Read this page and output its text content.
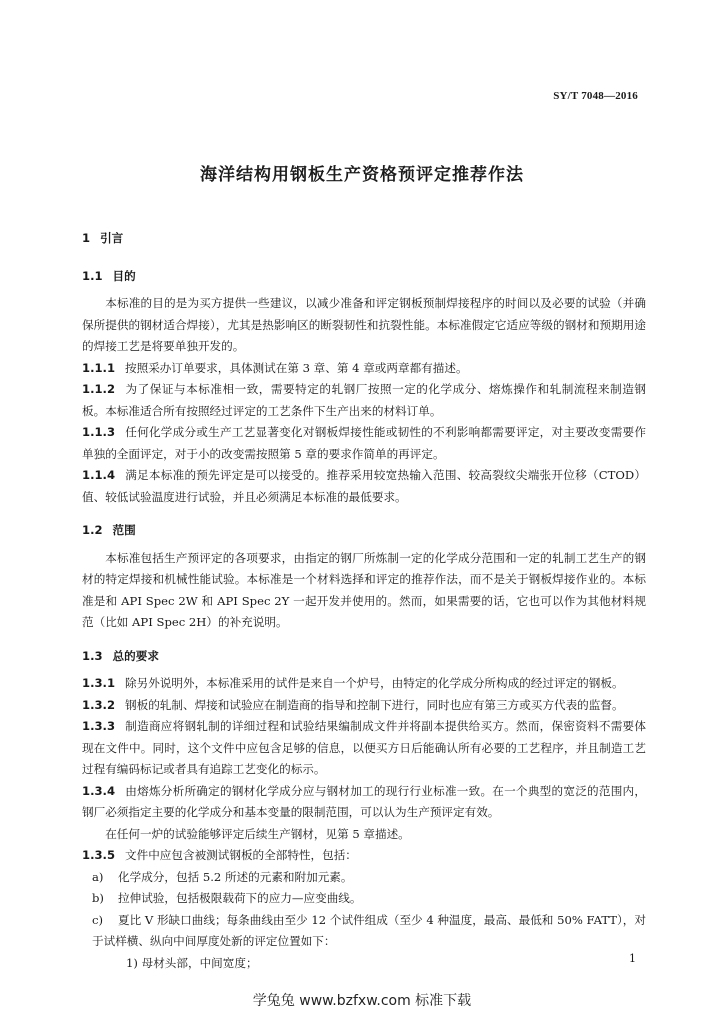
SY/T 7048—2016
海洋结构用钢板生产资格预评定推荐作法
1 引言
1.1 目的

本标准的目的是为买方提供一些建议，以减少准备和评定钢板预制焊接程序的时间以及必要的试验（并确保所提供的钢材适合焊接），尤其是热影响区的断裂韧性和抗裂性能。本标准假定它适应等级的钢材和预期用途的焊接工艺是将要单独开发的。

1.1.1 按照采办订单要求，具体测试在第 3 章、第 4 章或两章都有描述。

1.1.2 为了保证与本标准相一致，需要特定的轧钢厂按照一定的化学成分、熔炼操作和轧制流程来制造钢板。本标准适合所有按照经过评定的工艺条件下生产出来的材料订单。

1.1.3 任何化学成分或生产工艺显著变化对钢板焊接性能或韧性的不利影响都需要评定，对主要改变需要作单独的全面评定，对于小的改变需按照第 5 章的要求作简单的再评定。

1.1.4 满足本标准的预先评定是可以接受的。推荐采用较宽热输入范围、较高裂纹尖端张开位移（CTOD）值、较低试验温度进行试验，并且必须满足本标准的最低要求。

1.2 范围

本标准包括生产预评定的各项要求，由指定的钢厂所炼制一定的化学成分范围和一定的轧制工艺生产的钢材的特定焊接和机械性能试验。本标准是一个材料选择和评定的推荐作法，而不是关于钢板焊接作业的。本标准是和 API Spec 2W 和 API Spec 2Y 一起开发并使用的。然而，如果需要的话，它也可以作为其他材料规范（比如 API Spec 2H）的补充说明。

1.3 总的要求

1.3.1 除另外说明外，本标准采用的试件是来自一个炉号，由特定的化学成分所构成的经过评定的钢板。

1.3.2 钢板的轧制、焊接和试验应在制造商的指导和控制下进行，同时也应有第三方或买方代表的监督。

1.3.3 制造商应将钢轧制的详细过程和试验结果编制成文件并将副本提供给买方。然而，保密资料不需要体现在文件中。同时，这个文件中应包含足够的信息，以便买方日后能确认所有必要的工艺程序，并且制造工艺过程有编码标记或者具有追踪工艺变化的标示。

1.3.4 由熔炼分析所确定的钢材化学成分应与钢材加工的现行行业标准一致。在一个典型的宽泛的范围内，钢厂必须指定主要的化学成分和基本变量的限制范围，可以认为生产预评定有效。

在任何一炉的试验能够评定后续生产钢材，见第 5 章描述。

1.3.5 文件中应包含被测试钢板的全部特性，包括：

a) 化学成分，包括 5.2 所述的元素和附加元素。

b) 拉伸试验，包括极限载荷下的应力—应变曲线。

c) 夏比 V 形缺口曲线；每条曲线由至少 12 个试件组成（至少 4 种温度，最高、最低和 50% FATT），对于试样横、纵向中间厚度处新的评定位置如下：

1) 母材头部，中间宽度；	1
学兔兔 www.bzfxw.com 标准下载
